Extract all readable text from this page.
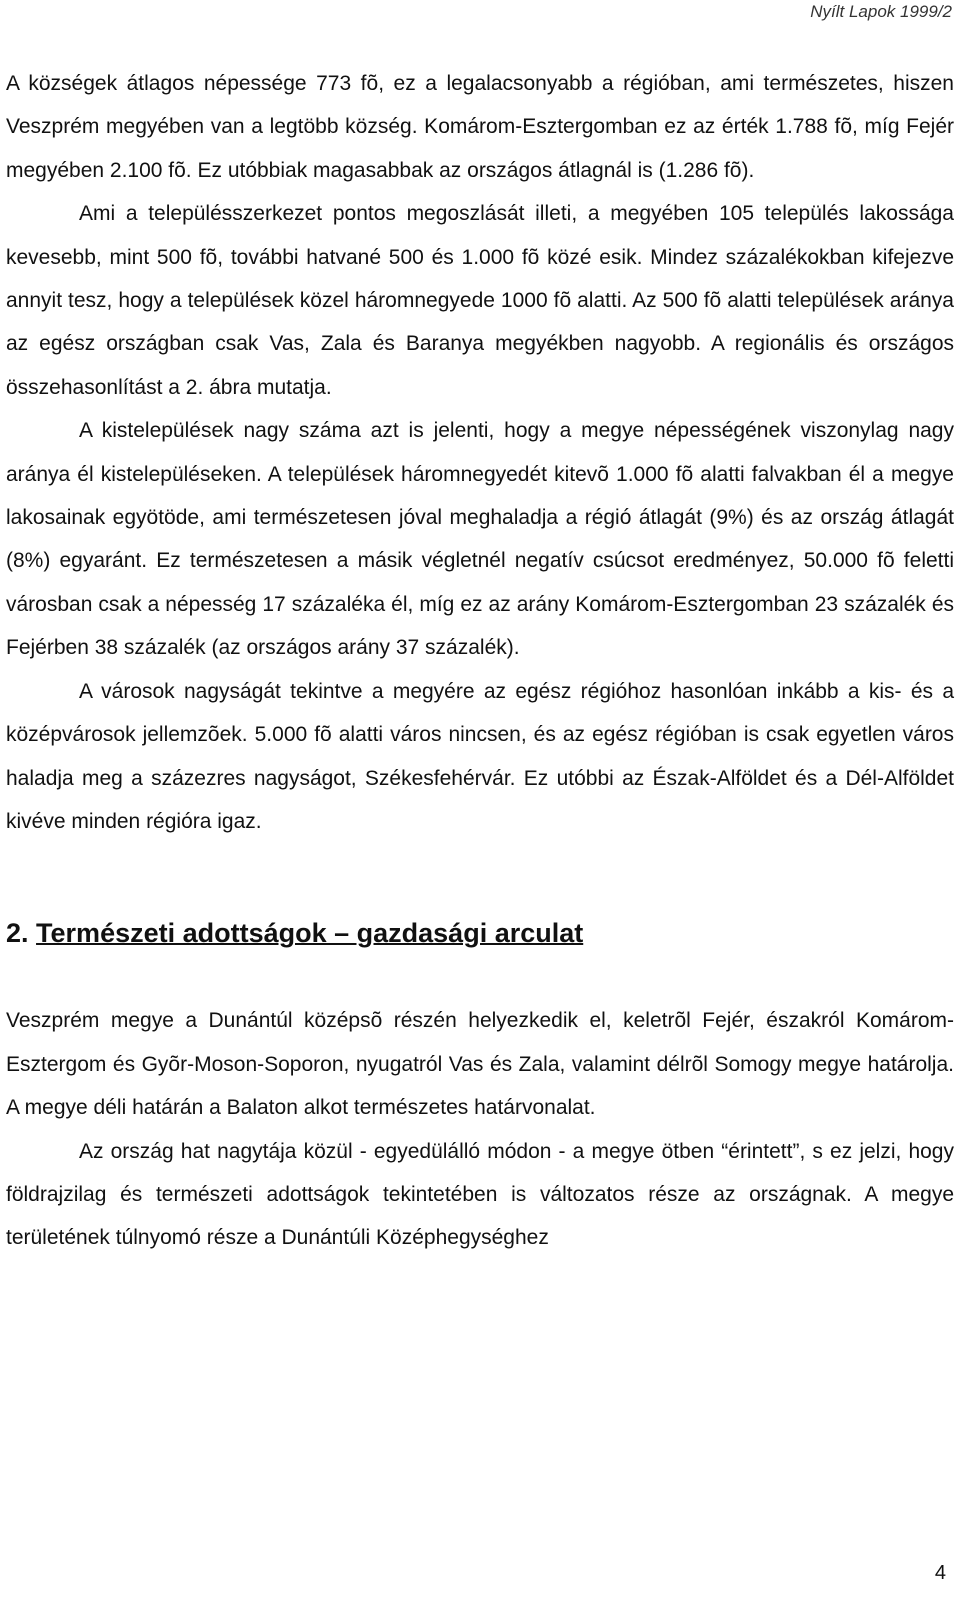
Nyílt Lapok 1999/2

A községek átlagos népessége 773 fõ, ez a legalacsonyabb a régióban, ami természetes, hiszen Veszprém megyében van a legtöbb község. Komárom-Esztergomban ez az érték 1.788 fõ, míg Fejér megyében 2.100 fõ. Ez utóbbiak magasabbak az országos átlagnál is (1.286 fõ).

Ami a településszerkezet pontos megoszlását illeti, a megyében 105 település lakossága kevesebb, mint 500 fõ, további hatvané 500 és 1.000 fõ közé esik. Mindez százalékokban kifejezve annyit tesz, hogy a települések közel háromnegyede 1000 fõ alatti. Az 500 fõ alatti települések aránya az egész országban csak Vas, Zala és Baranya megyékben nagyobb. A regionális és országos összehasonlítást a 2. ábra mutatja.

A kistelepülések nagy száma azt is jelenti, hogy a megye népességének viszonylag nagy aránya él kistelepüléseken. A települések háromnegyedét kitevõ 1.000 fõ alatti falvakban él a megye lakosainak egyötöde, ami természetesen jóval meghaladja a régió átlagát (9%) és az ország átlagát (8%) egyaránt. Ez természetesen a másik végletnél negatív csúcsot eredményez, 50.000 fõ feletti városban csak a népesség 17 százaléka él, míg ez az arány Komárom-Esztergomban 23 százalék és Fejérben 38 százalék (az országos arány 37 százalék).

A városok nagyságát tekintve a megyére az egész régióhoz hasonlóan inkább a kis- és a középvárosok jellemzõek. 5.000 fõ alatti város nincsen, és az egész régióban is csak egyetlen város haladja meg a százezres nagyságot, Székesfehérvár. Ez utóbbi az Észak-Alföldet és a Dél-Alföldet kivéve minden régióra igaz.

2. Természeti adottságok – gazdasági arculat

Veszprém megye a Dunántúl középsõ részén helyezkedik el, keletrõl Fejér, északról Komárom-Esztergom és Gyõr-Moson-Soporon, nyugatról Vas és Zala, valamint délrõl Somogy megye határolja. A megye déli határán a Balaton alkot természetes határvonalat.

Az ország hat nagytája közül - egyedülálló módon - a megye ötben “érintett”, s ez jelzi, hogy földrajzilag és természeti adottságok tekintetében is változatos része az országnak. A megye területének túlnyomó része a Dunántúli Középhegységhez

4
